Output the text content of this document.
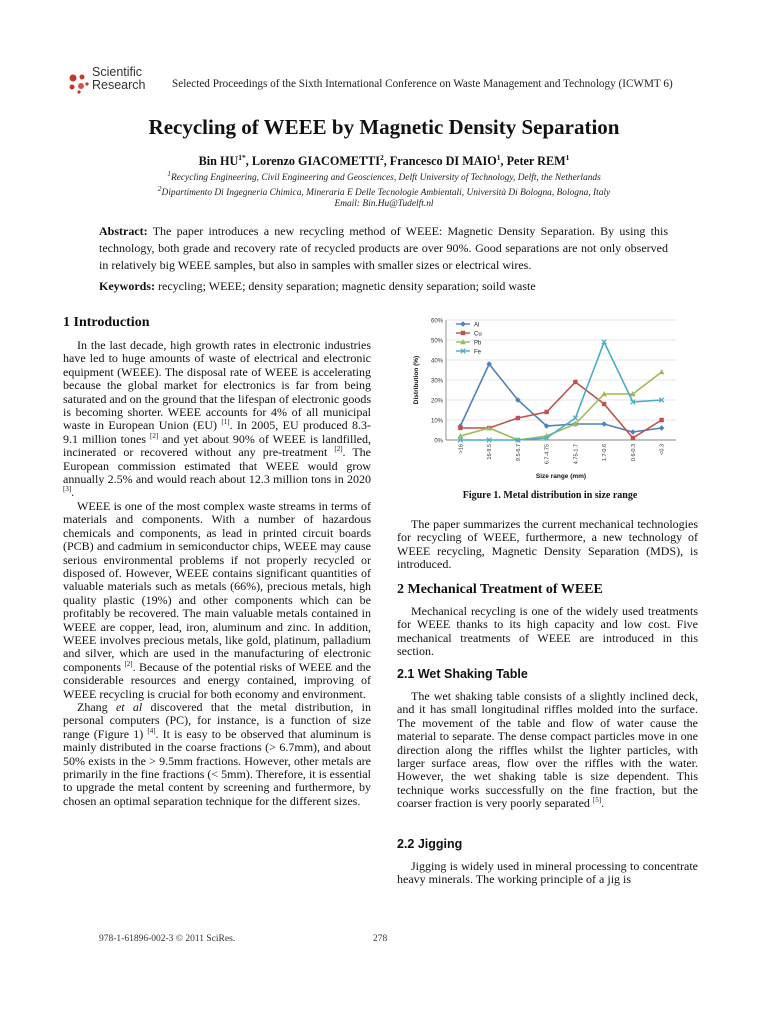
Scientific
Research Selected Proceedings of the Sixth International Conference on Waste Management and Technology (ICWMT 6)
Recycling of WEEE by Magnetic Density Separation
Bin $HU^{1*}$, Lorenzo GIACOMETTI$^2$, Francesco DI MAIO$^1$, Peter REM$^1$
$^1$Recycling Engineering, Civil Engineering and Geosciences, Delft University of Technology, Delft, the Netherlands
$^2$Dipartimento Di Ingegneria Chimica, Mineraria E Delle Tecnologie Ambientali, Università Di Bologna, Bologna, Italy
Email: Bin.Hu@Tudelft.nl
Abstract: The paper introduces a new recycling method of WEEE: Magnetic Density Separation. By using this technology, both grade and recovery rate of recycled products are over 90%. Good separations are not only observed in relatively big WEEE samples, but also in samples with smaller sizes or electrical wires.
Keywords: recycling; WEEE; density separation; magnetic density separation; soild waste
1 Introduction

In the last decade, high growth rates in electronic industries have led to huge amounts of waste of electrical and electronic equipment (WEEE). The disposal rate of WEEE is accelerating because the global market for electronics is far from being saturated and on the ground that the lifespan of electronic goods is becoming shorter. WEEE accounts for 4% of all municipal waste in European Union (EU) [1]. In 2005, EU produced 8.3-9.1 million tones [2] and yet about 90% of WEEE is landfilled, incinerated or recovered without any pre-treatment [2]. The European commission estimated that WEEE would grow annually 2.5% and would reach about 12.3 million tons in 2020 [3].

WEEE is one of the most complex waste streams in terms of materials and components. With a number of hazardous chemicals and components, as lead in printed circuit boards (PCB) and cadmium in semiconductor chips, WEEE may cause serious environmental problems if not properly recycled or disposed of. However, WEEE contains significant quantities of valuable materials such as metals (66%), precious metals, high quality plastic (19%) and other components which can be profitably be recovered. The main valuable metals contained in WEEE are copper, lead, iron, aluminum and zinc. In addition, WEEE involves precious metals, like gold, platinum, palladium and silver, which are used in the manufacturing of electronic components [2]. Because of the potential risks of WEEE and the considerable resources and energy contained, improving of WEEE recycling is crucial for both economy and environment.

Zhang et al discovered that the metal distribution, in personal computers (PC), for instance, is a function of size range (Figure 1) [4]. It is easy to be observed that aluminum is mainly distributed in the coarse fractions (> 6.7mm), and about 50% exists in the > 9.5mm fractions. However, other metals are primarily in the fine fractions (< 5mm). Therefore, it is essential to upgrade the metal content by screening and furthermore, by chosen an optimal separation technique for the different sizes.

0%
10%
20%
30%
40%
50%
60%
>16	16-9.5	9.5-6.7	6.7-4.75	4.75-1.7	1.7-0.6	0.6-0.3	<0.3
Size range (mm)
Distribution (%)
Al
Cu
Pb
Fe
Figure 1. Metal distribution in size range

The paper summarizes the current mechanical technologies for recycling of WEEE, furthermore, a new technology of WEEE recycling, Magnetic Density Separation (MDS), is introduced.

2 Mechanical Treatment of WEEE

Mechanical recycling is one of the widely used treatments for WEEE thanks to its high capacity and low cost. Five mechanical treatments of WEEE are introduced in this section.

2.1 Wet Shaking Table

The wet shaking table consists of a slightly inclined deck, and it has small longitudinal riffles molded into the surface. The movement of the table and flow of water cause the material to separate. The dense compact particles move in one direction along the riffles whilst the lighter particles, with larger surface areas, flow over the riffles with the water. However, the wet shaking table is size dependent. This technique works successfully on the fine fraction, but the coarser fraction is very poorly separated [5].

2.2 Jigging

Jigging is widely used in mineral processing to concentrate heavy minerals. The working principle of a jig is

978-1-61896-002-3 © 2011 SciRes.	278
